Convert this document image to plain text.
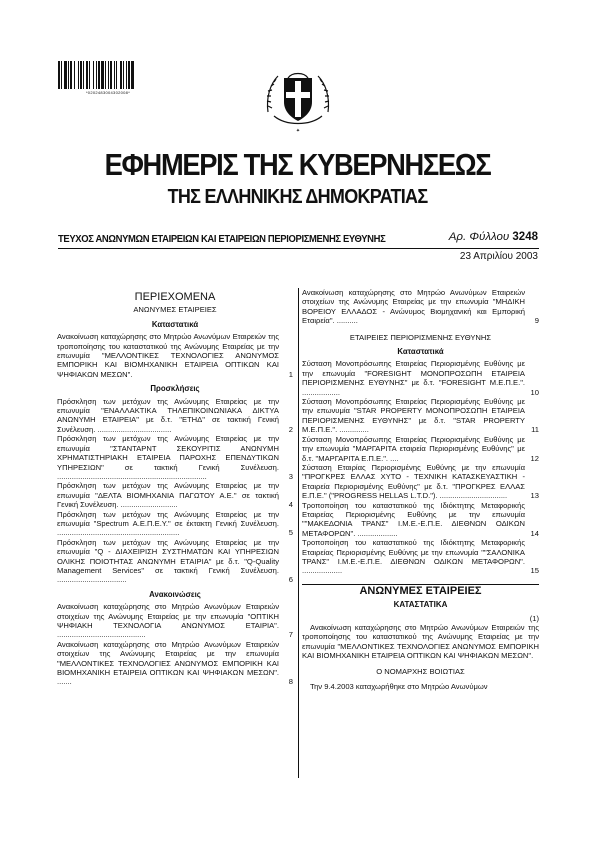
*0202483004302008*
✦
ΕΦΗΜΕΡΙΣ ΤΗΣ ΚΥΒΕΡΝΗΣΕΩΣ
ΤΗΣ ΕΛΛΗΝΙΚΗΣ ΔΗΜΟΚΡΑΤΙΑΣ
ΤΕΥΧΟΣ ΑΝΩΝΥΜΩΝ ΕΤΑΙΡΕΙΩΝ ΚΑΙ ΕΤΑΙΡΕΙΩΝ ΠΕΡΙΟΡΙΣΜΕΝΗΣ ΕΥΘΥΝΗΣ	Αρ. Φύλλου 3248
23 Απριλίου 2003
ΠΕΡΙΕΧΟΜΕΝΑ
ΑΝΩΝΥΜΕΣ ΕΤΑΙΡΕΙΕΣ
Καταστατικά
Ανακοίνωση καταχώρησης στο Μητρώο Ανωνύμων Εταιρειών της τροποποίησης του καταστατικού της Ανώνυμης Εταιρείας με την επωνυμία "ΜΕΛΛΟΝΤΙΚΕΣ ΤΕΧΝΟΛΟΓΙΕΣ ΑΝΩΝΥΜΟΣ ΕΜΠΟΡΙΚΗ ΚΑΙ ΒΙΟΜΗΧΑΝΙΚΗ ΕΤΑΙΡΕΙΑ ΟΠΤΙΚΩΝ ΚΑΙ ΨΗΦΙΑΚΩΝ ΜΕΣΩΝ".	1
Προσκλήσεις
Πρόσκληση των μετόχων της Ανώνυμης Εταιρείας με την επωνυμία "ΕΝΑΛΛΑΚΤΙΚΑ ΤΗΛΕΠΙΚΟΙΝΩΝΙΑΚΑ ΔΙΚΤΥΑ ΑΝΩΝΥΜΗ ΕΤΑΙΡΕΙΑ" με δ.τ. "ΕΤΗΔ" σε τακτική Γενική Συνέλευση. ...................................	2
Πρόσκληση των μετόχων της Ανώνυμης Εταιρείας με την επωνυμία "ΣΤΑΝΤΑΡΝΤ ΣΕΚΟΥΡΙΤΙΣ ΑΝΩΝΥΜΗ ΧΡΗΜΑΤΙΣΤΗΡΙΑΚΗ ΕΤΑΙΡΕΙΑ ΠΑΡΟΧΗΣ ΕΠΕΝΔΥΤΙΚΩΝ ΥΠΗΡΕΣΙΩΝ" σε τακτική Γενική Συνέλευση. .......................................................................	3
Πρόσκληση των μετόχων της Ανώνυμης Εταιρείας με την επωνυμία "ΔΕΛΤΑ ΒΙΟΜΗΧΑΝΙΑ ΠΑΓΩΤΟΥ Α.Ε." σε τακτική Γενική Συνέλευση. ...........................	4
Πρόσκληση των μετόχων της Ανώνυμης Εταιρείας με την επωνυμία "Spectrum Α.Ε.Π.Ε.Υ." σε έκτακτη Γενική Συνέλευση. ..........................................................	5
Πρόσκληση των μετόχων της Ανώνυμης Εταιρείας με την επωνυμία "Q - ΔΙΑΧΕΙΡΙΣΗ ΣΥΣΤΗΜΑΤΩΝ ΚΑΙ ΥΠΗΡΕΣΙΩΝ ΟΛΙΚΗΣ ΠΟΙΟΤΗΤΑΣ ΑΝΩΝΥΜΗ ΕΤΑΙΡΙΑ" με δ.τ. "Q-Quality Management Services" σε τακτική Γενική Συνέλευση. .................................	6
Ανακοινώσεις
Ανακοίνωση καταχώρησης στο Μητρώο Ανωνύμων Εταιρειών στοιχείων της Ανώνυμης Εταιρείας με την επωνυμία "ΟΠΤΙΚΗ ΨΗΦΙΑΚΗ ΤΕΧΝΟΛΟΓΙΑ ΑΝΩΝΥΜΟΣ ΕΤΑΙΡΙΑ". ..........................................	7
Ανακοίνωση καταχώρησης στο Μητρώο Ανωνύμων Εταιρειών στοιχείων της Ανώνυμης Εταιρείας με την επωνυμία "ΜΕΛΛΟΝΤΙΚΕΣ ΤΕΧΝΟΛΟΓΙΕΣ ΑΝΩΝΥΜΟΣ ΕΜΠΟΡΙΚΗ ΚΑΙ ΒΙΟΜΗΧΑΝΙΚΗ ΕΤΑΙΡΕΙΑ ΟΠΤΙΚΩΝ ΚΑΙ ΨΗΦΙΑΚΩΝ ΜΕΣΩΝ". .......	8
Ανακοίνωση καταχώρησης στο Μητρώο Ανωνύμων Εταιρειών στοιχείων της Ανώνυμης Εταιρείας με την επωνυμία "ΜΗΔΙΚΗ ΒΟΡΕΙΟΥ ΕΛΛΑΔΟΣ - Ανώνυμος Βιομηχανική και Εμπορική Εταιρεία". ..........	9
ΕΤΑΙΡΕΙΕΣ ΠΕΡΙΟΡΙΣΜΕΝΗΣ ΕΥΘΥΝΗΣ
Καταστατικά
Σύσταση Μονοπρόσωπης Εταιρείας Περιορισμένης Ευθύνης με την επωνυμία "FORESIGHT ΜΟΝΟΠΡΟΣΩΠΗ ΕΤΑΙΡΕΙΑ ΠΕΡΙΟΡΙΣΜΕΝΗΣ ΕΥΘΥΝΗΣ" με δ.τ. "FORESIGHT Μ.Ε.Π.Ε.". ..................	10
Σύσταση Μονοπρόσωπης Εταιρείας Περιορισμένης Ευθύνης με την επωνυμία "STAR PROPERTY ΜΟΝΟΠΡΟΣΩΠΗ ΕΤΑΙΡΕΙΑ ΠΕΡΙΟΡΙΣΜΕΝΗΣ ΕΥΘΥΝΗΣ" με δ.τ. "STAR PROPERTY Μ.Ε.Π.Ε.". ..............	11
Σύσταση Μονοπρόσωπης Εταιρείας Περιορισμένης Ευθύνης με την επωνυμία "ΜΑΡΓΑΡΙΤΑ εταιρεία Περιορισμένης Ευθύνης" με δ.τ. "ΜΑΡΓΑΡΙΤΑ Ε.Π.Ε.". ....	12
Σύσταση Εταιρίας Περιορισμένης Ευθύνης με την επωνυμία "ΠΡΟΓΚΡΕΣ ΕΛΛΑΣ ΧΥΤΟ - ΤΕΧΝΙΚΗ ΚΑΤΑΣΚΕΥΑΣΤΙΚΗ - Εταιρεία Περιορισμένης Ευθύνης" με δ.τ. "ΠΡΟΓΚΡΕΣ ΕΛΛΑΣ Ε.Π.Ε." ("PROGRESS HELLAS L.T.D."). ................................	13
Τροποποίηση του καταστατικού της Ιδιόκτητης Μεταφορικής Εταιρείας Περιορισμένης Ευθύνης με την επωνυμία ""ΜΑΚΕΔΟΝΙΑ ΤΡΑΝΣ" Ι.Μ.Ε.-Ε.Π.Ε. ΔΙΕΘΝΩΝ ΟΔΙΚΩΝ ΜΕΤΑΦΟΡΩΝ". ...................	14
Τροποποίηση του καταστατικού της Ιδιόκτητης Μεταφορικής Εταιρείας Περιορισμένης Ευθύνης με την επωνυμία ""ΣΑΛΟΝΙΚΑ ΤΡΑΝΣ" Ι.Μ.Ε.-Ε.Π.Ε. ΔΙΕΘΝΩΝ ΟΔΙΚΩΝ ΜΕΤΑΦΟΡΩΝ". ...................	15
ΑΝΩΝΥΜΕΣ ΕΤΑΙΡΕΙΕΣ
ΚΑΤΑΣΤΑΤΙΚΑ
(1)
Ανακοίνωση καταχώρησης στο Μητρώο Ανωνύμων Εταιρειών της τροποποίησης του καταστατικού της Ανώνυμης Εταιρείας με την επωνυμία "ΜΕΛΛΟΝΤΙΚΕΣ ΤΕΧΝΟΛΟΓΙΕΣ ΑΝΩΝΥΜΟΣ ΕΜΠΟΡΙΚΗ ΚΑΙ ΒΙΟΜΗΧΑΝΙΚΗ ΕΤΑΙΡΕΙΑ ΟΠΤΙΚΩΝ ΚΑΙ ΨΗΦΙΑΚΩΝ ΜΕΣΩΝ".
Ο ΝΟΜΑΡΧΗΣ ΒΟΙΩΤΙΑΣ
Την 9.4.2003 καταχωρήθηκε στο Μητρώο Ανωνύμων
